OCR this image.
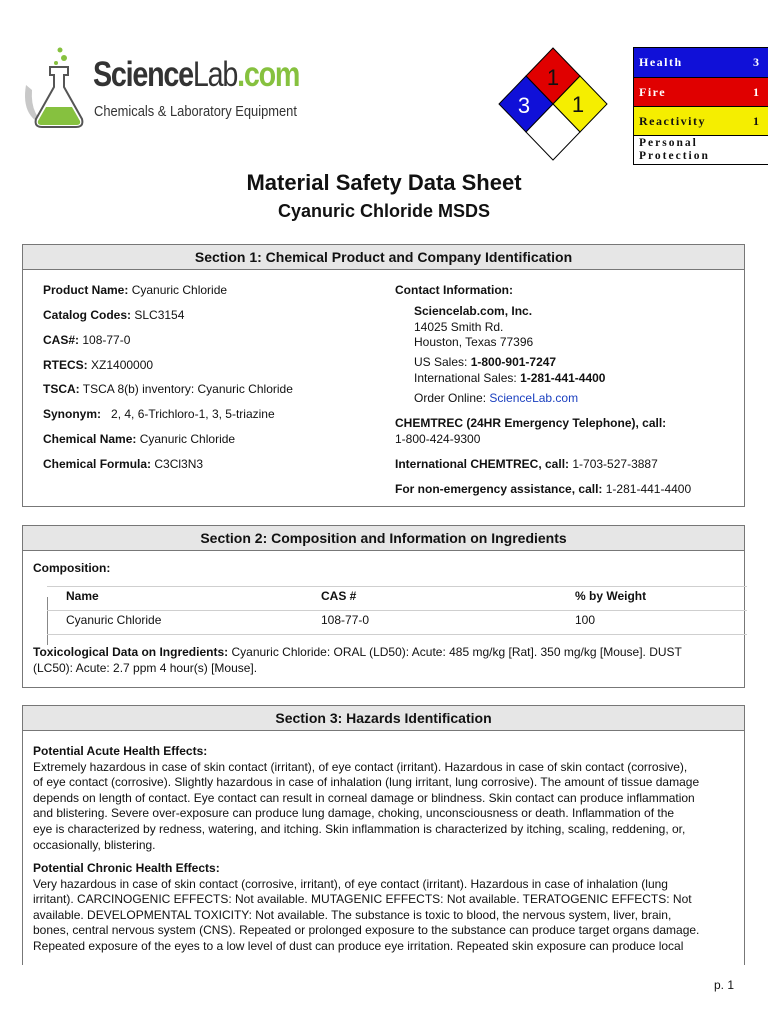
ScienceLab.com
Chemicals & Laboratory Equipment
1
3 1
Health	3
Fire	1
Reactivity	1
Personal
Protection
Material Safety Data Sheet
Cyanuric Chloride MSDS
Section 1: Chemical Product and Company Identification
Product Name: Cyanuric Chloride
Catalog Codes: SLC3154
CAS#: 108-77-0
RTECS: XZ1400000
TSCA: TSCA 8(b) inventory: Cyanuric Chloride
Synonym:   2, 4, 6-Trichloro-1, 3, 5-triazine
Chemical Name: Cyanuric Chloride
Chemical Formula: C3Cl3N3
Contact Information:
Sciencelab.com, Inc.
14025 Smith Rd.
Houston, Texas 77396
US Sales: 1-800-901-7247
International Sales: 1-281-441-4400
Order Online: ScienceLab.com
CHEMTREC (24HR Emergency Telephone), call:
1-800-424-9300
International CHEMTREC, call: 1-703-527-3887
For non-emergency assistance, call: 1-281-441-4400
Section 2: Composition and Information on Ingredients
Composition:
Name	CAS #	% by Weight
Cyanuric Chloride	108-77-0	100
Toxicological Data on Ingredients: Cyanuric Chloride: ORAL (LD50): Acute: 485 mg/kg [Rat]. 350 mg/kg [Mouse]. DUST
(LC50): Acute: 2.7 ppm 4 hour(s) [Mouse].
Section 3: Hazards Identification
Potential Acute Health Effects:
Extremely hazardous in case of skin contact (irritant), of eye contact (irritant). Hazardous in case of skin contact (corrosive),
of eye contact (corrosive). Slightly hazardous in case of inhalation (lung irritant, lung corrosive). The amount of tissue damage
depends on length of contact. Eye contact can result in corneal damage or blindness. Skin contact can produce inflammation
and blistering. Severe over-exposure can produce lung damage, choking, unconsciousness or death. Inflammation of the
eye is characterized by redness, watering, and itching. Skin inflammation is characterized by itching, scaling, reddening, or,
occasionally, blistering.
Potential Chronic Health Effects:
Very hazardous in case of skin contact (corrosive, irritant), of eye contact (irritant). Hazardous in case of inhalation (lung
irritant). CARCINOGENIC EFFECTS: Not available. MUTAGENIC EFFECTS: Not available. TERATOGENIC EFFECTS: Not
available. DEVELOPMENTAL TOXICITY: Not available. The substance is toxic to blood, the nervous system, liver, brain,
bones, central nervous system (CNS). Repeated or prolonged exposure to the substance can produce target organs damage.
Repeated exposure of the eyes to a low level of dust can produce eye irritation. Repeated skin exposure can produce local
p. 1
